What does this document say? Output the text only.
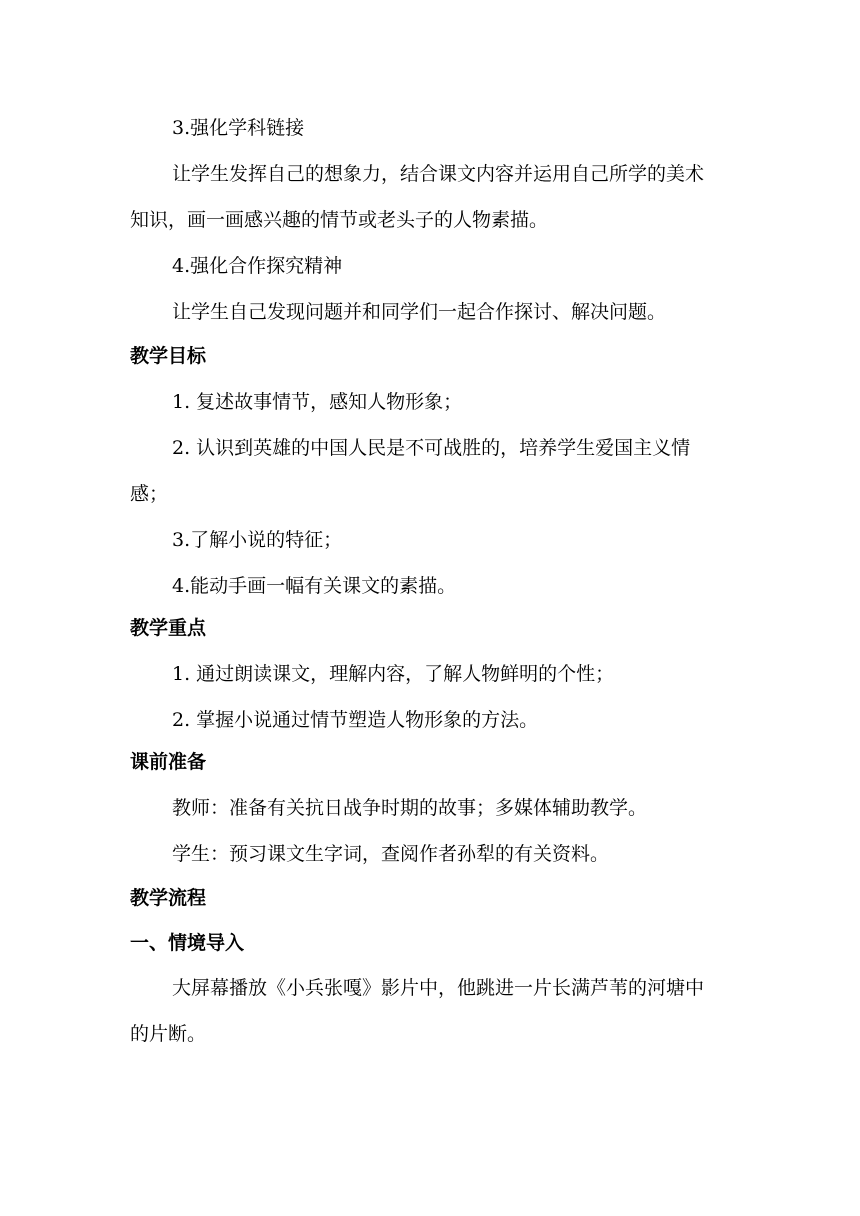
3.强化学科链接
让学生发挥自己的想象力，结合课文内容并运用自己所学的美术
知识，画一画感兴趣的情节或老头子的人物素描。
4.强化合作探究精神
让学生自己发现问题并和同学们一起合作探讨、解决问题。
教学目标
1. 复述故事情节，感知人物形象；
2. 认识到英雄的中国人民是不可战胜的，培养学生爱国主义情
感；
3.了解小说的特征；
4.能动手画一幅有关课文的素描。
教学重点
1. 通过朗读课文，理解内容，了解人物鲜明的个性；
2. 掌握小说通过情节塑造人物形象的方法。
课前准备
教师：准备有关抗日战争时期的故事；多媒体辅助教学。
学生：预习课文生字词，查阅作者孙犁的有关资料。
教学流程
一、情境导入
大屏幕播放《小兵张嘎》影片中，他跳进一片长满芦苇的河塘中
的片断。
